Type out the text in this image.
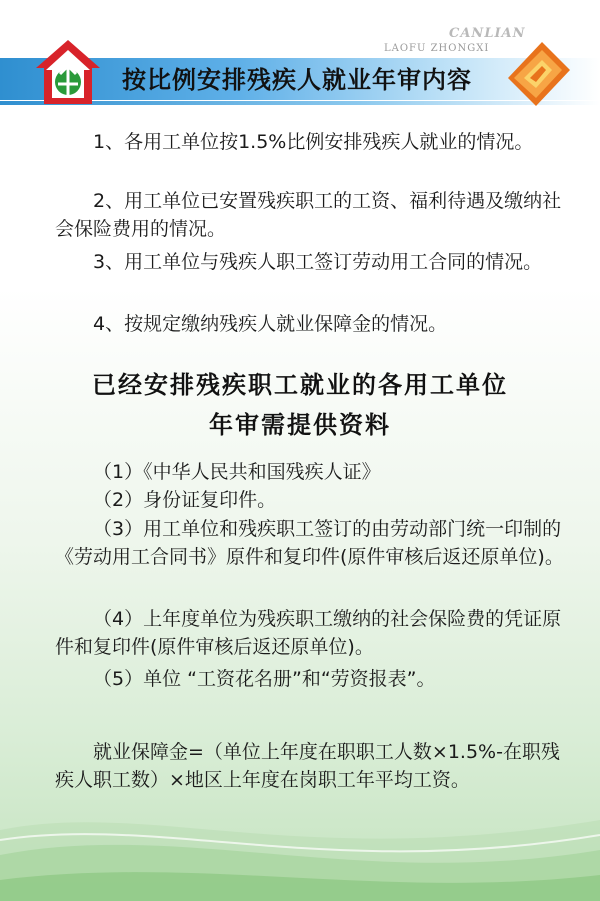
按比例安排残疾人就业年审内容
CANLIAN
LAOFU ZHONGXI

1、各用工单位按1.5%比例安排残疾人就业的情况。

2、用工单位已安置残疾职工的工资、福利待遇及缴纳社会保险费用的情况。

3、用工单位与残疾人职工签订劳动用工合同的情况。

4、按规定缴纳残疾人就业保障金的情况。

已经安排残疾职工就业的各用工单位
年审需提供资料

（1）《中华人民共和国残疾人证》

（2）身份证复印件。

（3）用工单位和残疾职工签订的由劳动部门统一印制的《劳动用工合同书》原件和复印件(原件审核后返还原单位)。

（4）上年度单位为残疾职工缴纳的社会保险费的凭证原件和复印件(原件审核后返还原单位)。

（5）单位 “工资花名册”和“劳资报表”。

就业保障金=（单位上年度在职职工人数×1.5%-在职残疾人职工数）×地区上年度在岗职工年平均工资。
